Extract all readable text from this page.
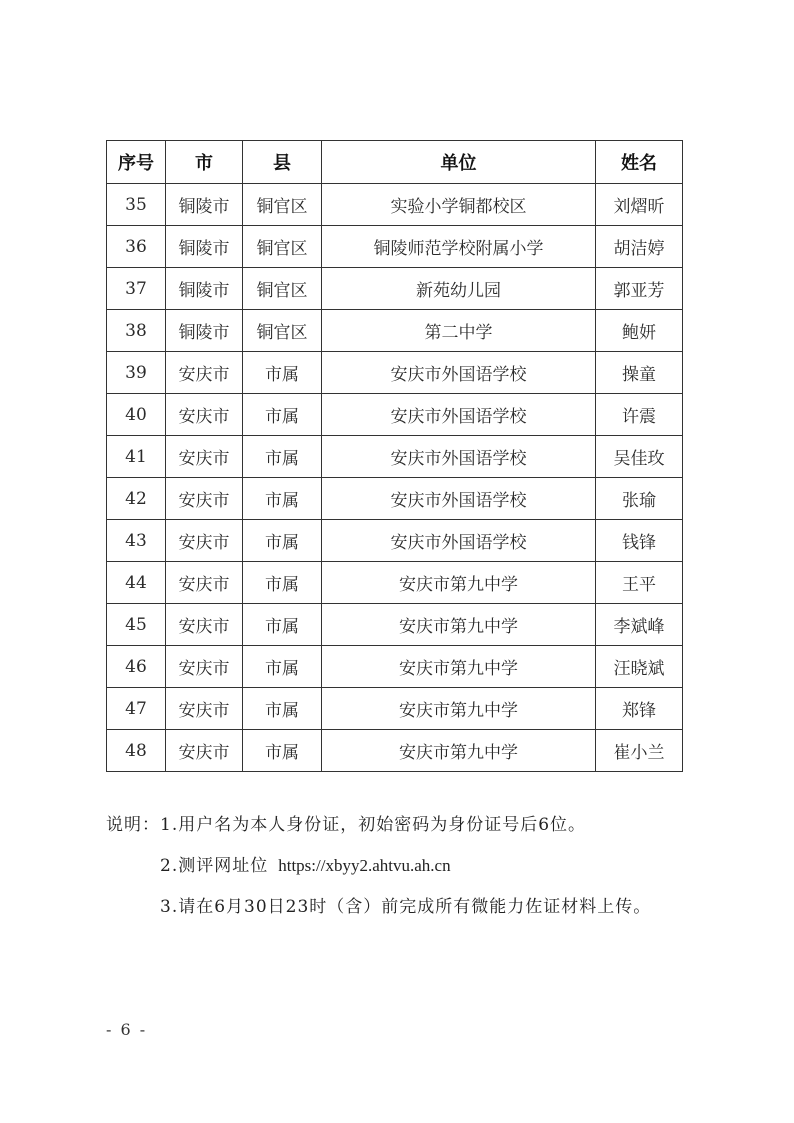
序号	市	县	单位	姓名
35	铜陵市	铜官区	实验小学铜都校区	刘熠昕
36	铜陵市	铜官区	铜陵师范学校附属小学	胡洁婷
37	铜陵市	铜官区	新苑幼儿园	郭亚芳
38	铜陵市	铜官区	第二中学	鲍妍
39	安庆市	市属	安庆市外国语学校	操童
40	安庆市	市属	安庆市外国语学校	许震
41	安庆市	市属	安庆市外国语学校	吴佳玫
42	安庆市	市属	安庆市外国语学校	张瑜
43	安庆市	市属	安庆市外国语学校	钱锋
44	安庆市	市属	安庆市第九中学	王平
45	安庆市	市属	安庆市第九中学	李斌峰
46	安庆市	市属	安庆市第九中学	汪晓斌
47	安庆市	市属	安庆市第九中学	郑锋
48	安庆市	市属	安庆市第九中学	崔小兰
说明：1.用户名为本人身份证，初始密码为身份证号后6位。
2.测评网址位 https://xbyy2.ahtvu.ah.cn
3.请在6月30日23时（含）前完成所有微能力佐证材料上传。
- 6 -
